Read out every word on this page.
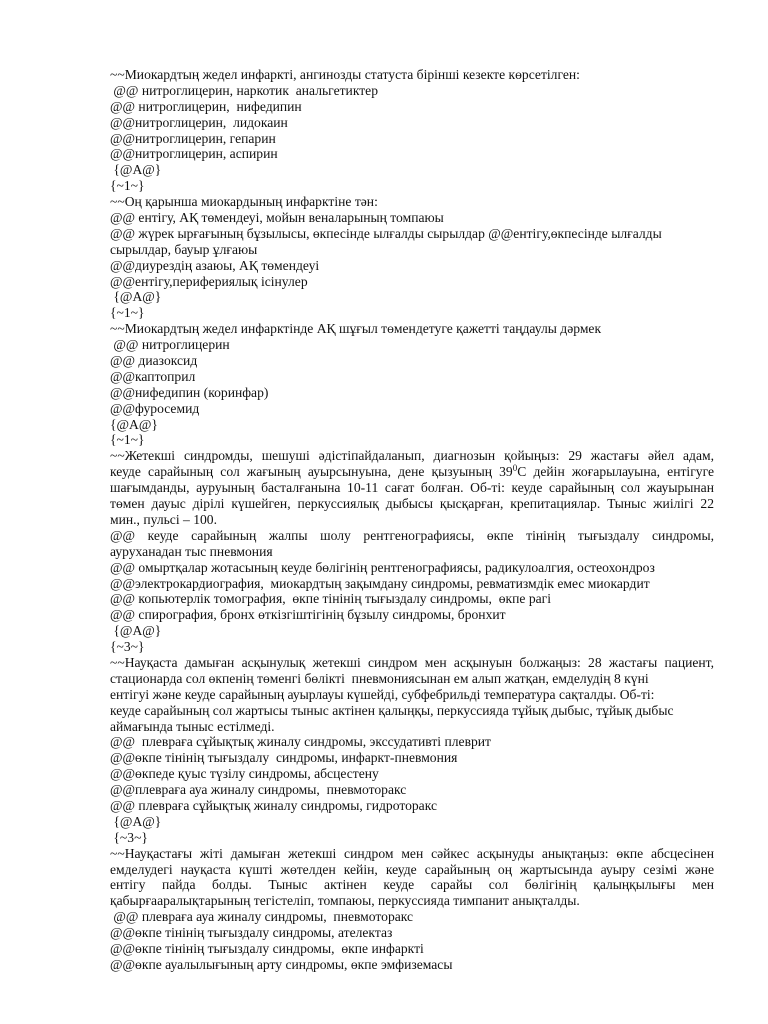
~~Миокардтың жедел инфаркті, ангинозды статуста бірінші кезекте көрсетілген:
@@ нитроглицерин, наркотик  анальгетиктер
@@ нитроглицерин,  нифедипин
@@нитроглицерин,  лидокаин
@@нитроглицерин, гепарин
@@нитроглицерин, аспирин
{@A@}
{~1~}
~~Оң қарынша миокардының инфарктіне тән:
@@ ентігу, АҚ төмендеуі, мойын веналарының томпаюы
@@ жүрек ырғағының бұзылысы, өкпесінде ылғалды сырылдар @@ентігу,өкпесінде ылғалды
сырылдар, бауыр ұлғаюы
@@диурездің азаюы, АҚ төмендеуі
@@ентігу,перифериялық ісінулер
{@A@}
{~1~}
~~Миокардтың жедел инфарктінде АҚ шұғыл төмендетуге қажетті таңдаулы дәрмек
@@ нитроглицерин
@@ диазоксид
@@каптоприл
@@нифедипин (коринфар)
@@фуросемид
{@A@}
{~1~}
~~Жетекші синдромды, шешуші әдістіпайдаланып, диагнозын қойыңыз: 29 жастағы әйел адам,
кеуде сарайының сол жағының ауырсынуына, дене қызуының $39^0С$ дейін жоғарылауына, ентігуге
шағымданды, ауруының басталғанына 10-11 сағат болған. Об-ті: кеуде сарайының сол жауырынан
төмен дауыс дірілі күшейген, перкуссиялық дыбысы қысқарған, крепитациялар. Тыныс жиілігі 22
мин., пульсі – 100.
@@ кеуде сарайының жалпы шолу рентгенографиясы, өкпе тінінің тығыздалу синдромы,
ауруханадан тыс пневмония
@@ омыртқалар жотасының кеуде бөлігінің рентгенографиясы, радикулоалгия, остеохондроз
@@электрокардиография,  миокардтың зақымдану синдромы, ревматизмдік емес миокардит
@@ копьютерлік томография,  өкпе тінінің тығыздалу синдромы,  өкпе рагі
@@ спирография, бронх өткізгіштігінің бұзылу синдромы, бронхит
{@A@}
{~3~}
~~Науқаста дамыған асқынулық жетекші синдром мен асқынуын болжаңыз: 28 жастағы пациент,
стационарда сол өкпенің төменгі бөлікті  пневмониясынан ем алып жатқан, емделудің 8 күні
ентігуі және кеуде сарайының ауырлауы күшейді, субфебрильді температура сақталды. Об-ті:
кеуде сарайының сол жартысы тыныс актінен қалыңқы, перкуссияда тұйық дыбыс, тұйық дыбыс
аймағында тыныс естілмеді.
@@  плевраға сұйықтық жиналу синдромы, экссудативті плеврит
@@өкпе тінінің тығыздалу  синдромы, инфаркт-пневмония
@@өкпеде қуыс түзілу синдромы, абсцестену
@@плевраға ауа жиналу синдромы,  пневмоторакс
@@ плевраға сұйықтық жиналу синдромы, гидроторакс
{@A@}
{~3~}
~~Науқастағы жіті дамыған жетекші синдром мен сәйкес асқынуды анықтаңыз: өкпе абсцесінен
емделудегі науқаста күшті жөтелден кейін, кеуде сарайының оң жартысында ауыру сезімі және
ентігу пайда болды. Тыныс актінен кеуде сарайы сол бөлігінің қалыңқылығы мен
қабырғааралықтарының тегістеліп, томпаюы, перкуссияда тимпанит анықталды.
@@ плевраға ауа жиналу синдромы,  пневмоторакс
@@өкпе тінінің тығыздалу синдромы, ателектаз
@@өкпе тінінің тығыздалу синдромы,  өкпе инфаркті
@@өкпе ауалылығының арту синдромы, өкпе эмфиземасы
